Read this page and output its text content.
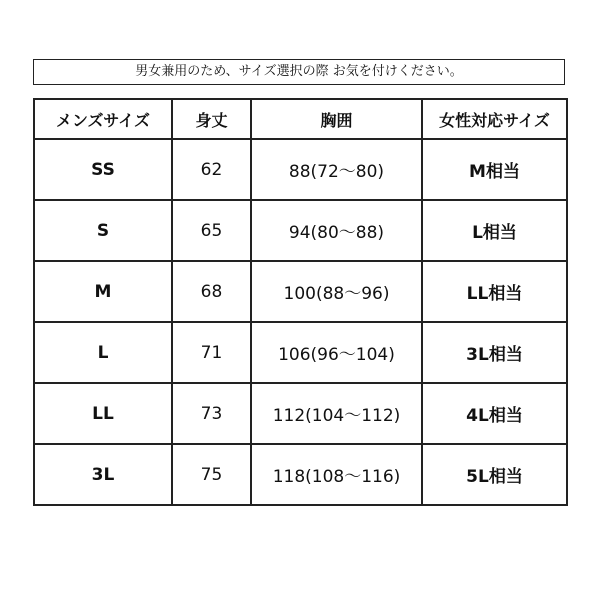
男女兼用のため、サイズ選択の際 お気を付けください。
メンズサイズ	身丈	胸囲	女性対応サイズ
SS	62	88(72〜80)	M相当
S	65	94(80〜88)	L相当
M	68	100(88〜96)	LL相当
L	71	106(96〜104)	3L相当
LL	73	112(104〜112)	4L相当
3L	75	118(108〜116)	5L相当
